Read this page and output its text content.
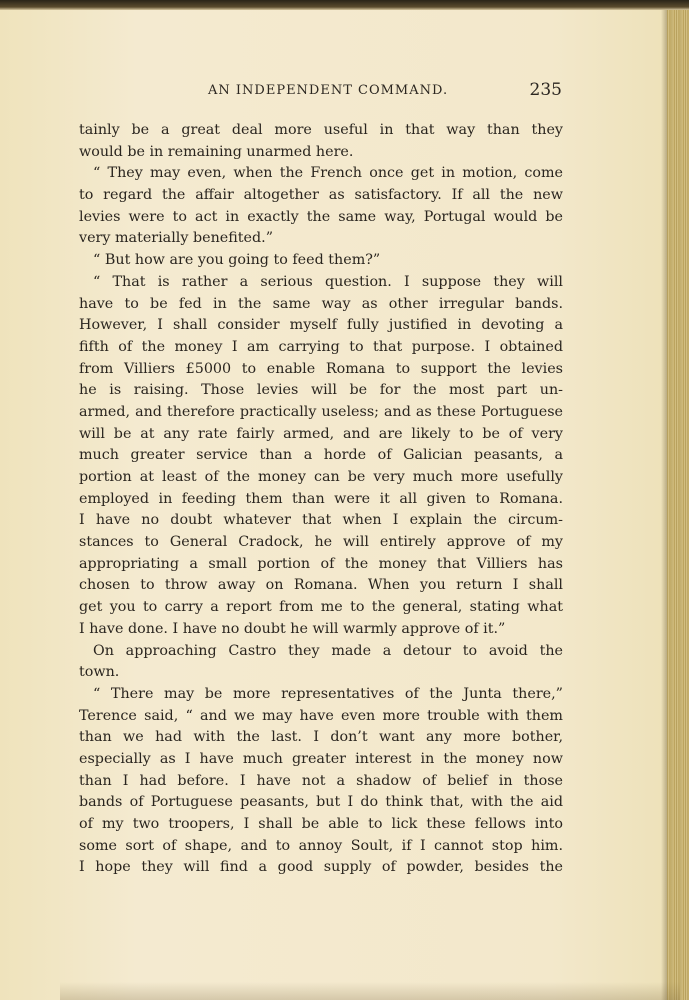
AN INDEPENDENT COMMAND.	235
tainly be a great deal more useful in that way than they
would be in remaining unarmed here.
“ They may even, when the French once get in motion, come
to regard the affair altogether as satisfactory. If all the new
levies were to act in exactly the same way, Portugal would be
very materially benefited.”
“ But how are you going to feed them?”
“ That is rather a serious question. I suppose they will
have to be fed in the same way as other irregular bands.
However, I shall consider myself fully justified in devoting a
fifth of the money I am carrying to that purpose. I obtained
from Villiers £5000 to enable Romana to support the levies
he is raising. Those levies will be for the most part un-
armed, and therefore practically useless; and as these Portuguese
will be at any rate fairly armed, and are likely to be of very
much greater service than a horde of Galician peasants, a
portion at least of the money can be very much more usefully
employed in feeding them than were it all given to Romana.
I have no doubt whatever that when I explain the circum-
stances to General Cradock, he will entirely approve of my
appropriating a small portion of the money that Villiers has
chosen to throw away on Romana. When you return I shall
get you to carry a report from me to the general, stating what
I have done. I have no doubt he will warmly approve of it.”
On approaching Castro they made a detour to avoid the
town.
“ There may be more representatives of the Junta there,”
Terence said, “ and we may have even more trouble with them
than we had with the last. I don’t want any more bother,
especially as I have much greater interest in the money now
than I had before. I have not a shadow of belief in those
bands of Portuguese peasants, but I do think that, with the aid
of my two troopers, I shall be able to lick these fellows into
some sort of shape, and to annoy Soult, if I cannot stop him.
I hope they will find a good supply of powder, besides the
